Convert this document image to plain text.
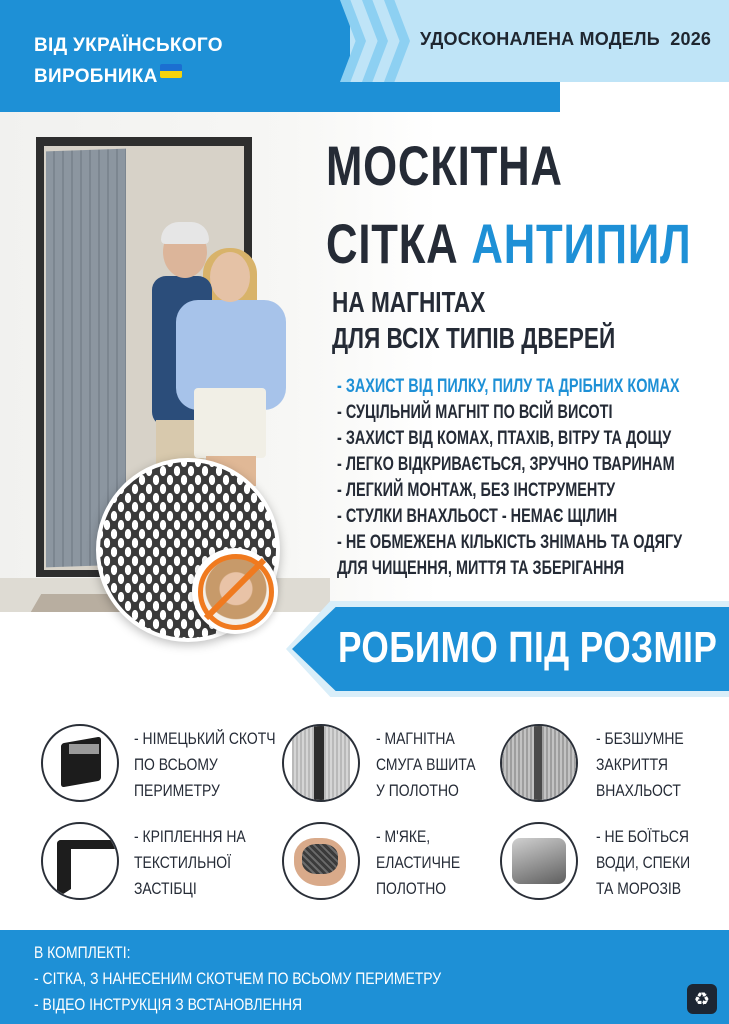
ВІД УКРАЇНСЬКОГО
ВИРОБНИКА
УДОСКОНАЛЕНА МОДЕЛЬ  2026
МОСКІТНА
СІТКА АНТИПИЛ
НА МАГНІТАХ
ДЛЯ ВСІХ ТИПІВ ДВЕРЕЙ
- ЗАХИСТ ВІД ПИЛКУ, ПИЛУ ТА ДРІБНИХ КОМАХ
- СУЦІЛЬНИЙ МАГНІТ ПО ВСІЙ ВИСОТІ
- ЗАХИСТ ВІД КОМАХ, ПТАХІВ, ВІТРУ ТА ДОЩУ
- ЛЕГКО ВІДКРИВАЄТЬСЯ, ЗРУЧНО ТВАРИНАМ
- ЛЕГКИЙ МОНТАЖ, БЕЗ ІНСТРУМЕНТУ
- СТУЛКИ ВНАХЛЬОСТ - НЕМАЄ ЩІЛИН
- НЕ ОБМЕЖЕНА КІЛЬКІСТЬ ЗНІМАНЬ ТА ОДЯГУ
ДЛЯ ЧИЩЕННЯ, МИТТЯ ТА ЗБЕРІГАННЯ
РОБИМО ПІД РОЗМІР
- НІМЕЦЬКИЙ СКОТЧ
ПО ВСЬОМУ
ПЕРИМЕТРУ
- МАГНІТНА
СМУГА ВШИТА
У ПОЛОТНО
- БЕЗШУМНЕ
ЗАКРИТТЯ
ВНАХЛЬОСТ
- КРІПЛЕННЯ НА
ТЕКСТИЛЬНОЇ
ЗАСТІБЦІ
- М'ЯКЕ,
ЕЛАСТИЧНЕ
ПОЛОТНО
- НЕ БОЇТЬСЯ
ВОДИ, СПЕКИ
ТА МОРОЗІВ
В КОМПЛЕКТІ:
- СІТКА, З НАНЕСЕНИМ СКОТЧЕМ ПО ВСЬОМУ ПЕРИМЕТРУ
- ВІДЕО ІНСТРУКЦІЯ З ВСТАНОВЛЕННЯ	♻
